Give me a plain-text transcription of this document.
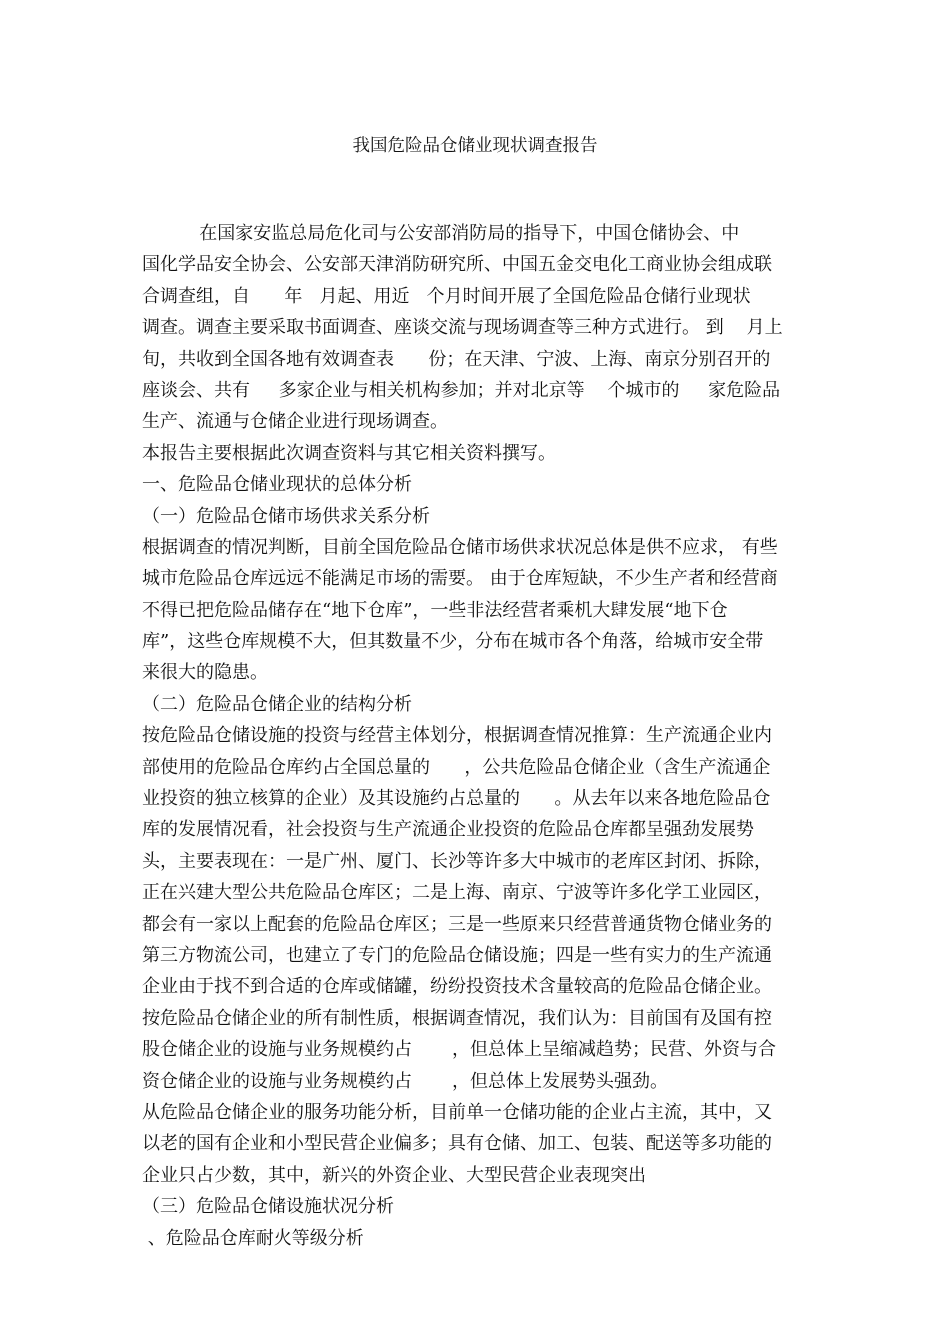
我国危险品仓储业现状调查报告
在国家安监总局危化司与公安部消防局的指导下，中国仓储协会、中
国化学品安全协会、公安部天津消防研究所、中国五金交电化工商业协会组成联
合调查组，自      年   月起、用近   个月时间开展了全国危险品仓储行业现状
调查。调查主要采取书面调查、座谈交流与现场调查等三种方式进行。 到    月上
旬，共收到全国各地有效调查表      份；在天津、宁波、上海、南京分别召开的
座谈会、共有     多家企业与相关机构参加；并对北京等    个城市的     家危险品
生产、流通与仓储企业进行现场调查。
本报告主要根据此次调查资料与其它相关资料撰写。
一、危险品仓储业现状的总体分析
（一）危险品仓储市场供求关系分析
根据调查的情况判断，目前全国危险品仓储市场供求状况总体是供不应求， 有些
城市危险品仓库远远不能满足市场的需要。 由于仓库短缺，不少生产者和经营商
不得已把危险品储存在“地下仓库”，一些非法经营者乘机大肆发展“地下仓
库”，这些仓库规模不大，但其数量不少，分布在城市各个角落，给城市安全带
来很大的隐患。
（二）危险品仓储企业的结构分析
按危险品仓储设施的投资与经营主体划分，根据调查情况推算：生产流通企业内
部使用的危险品仓库约占全国总量的      ，公共危险品仓储企业（含生产流通企
业投资的独立核算的企业）及其设施约占总量的      。从去年以来各地危险品仓
库的发展情况看，社会投资与生产流通企业投资的危险品仓库都呈强劲发展势
头，主要表现在：一是广州、厦门、长沙等许多大中城市的老库区封闭、拆除，
正在兴建大型公共危险品仓库区；二是上海、南京、宁波等许多化学工业园区，
都会有一家以上配套的危险品仓库区；三是一些原来只经营普通货物仓储业务的
第三方物流公司，也建立了专门的危险品仓储设施；四是一些有实力的生产流通
企业由于找不到合适的仓库或储罐，纷纷投资技术含量较高的危险品仓储企业。
按危险品仓储企业的所有制性质，根据调查情况，我们认为：目前国有及国有控
股仓储企业的设施与业务规模约占       ，但总体上呈缩减趋势；民营、外资与合
资仓储企业的设施与业务规模约占       ，但总体上发展势头强劲。
从危险品仓储企业的服务功能分析，目前单一仓储功能的企业占主流，其中，又
以老的国有企业和小型民营企业偏多；具有仓储、加工、包装、配送等多功能的
企业只占少数，其中，新兴的外资企业、大型民营企业表现突出
（三）危险品仓储设施状况分析
、危险品仓库耐火等级分析
